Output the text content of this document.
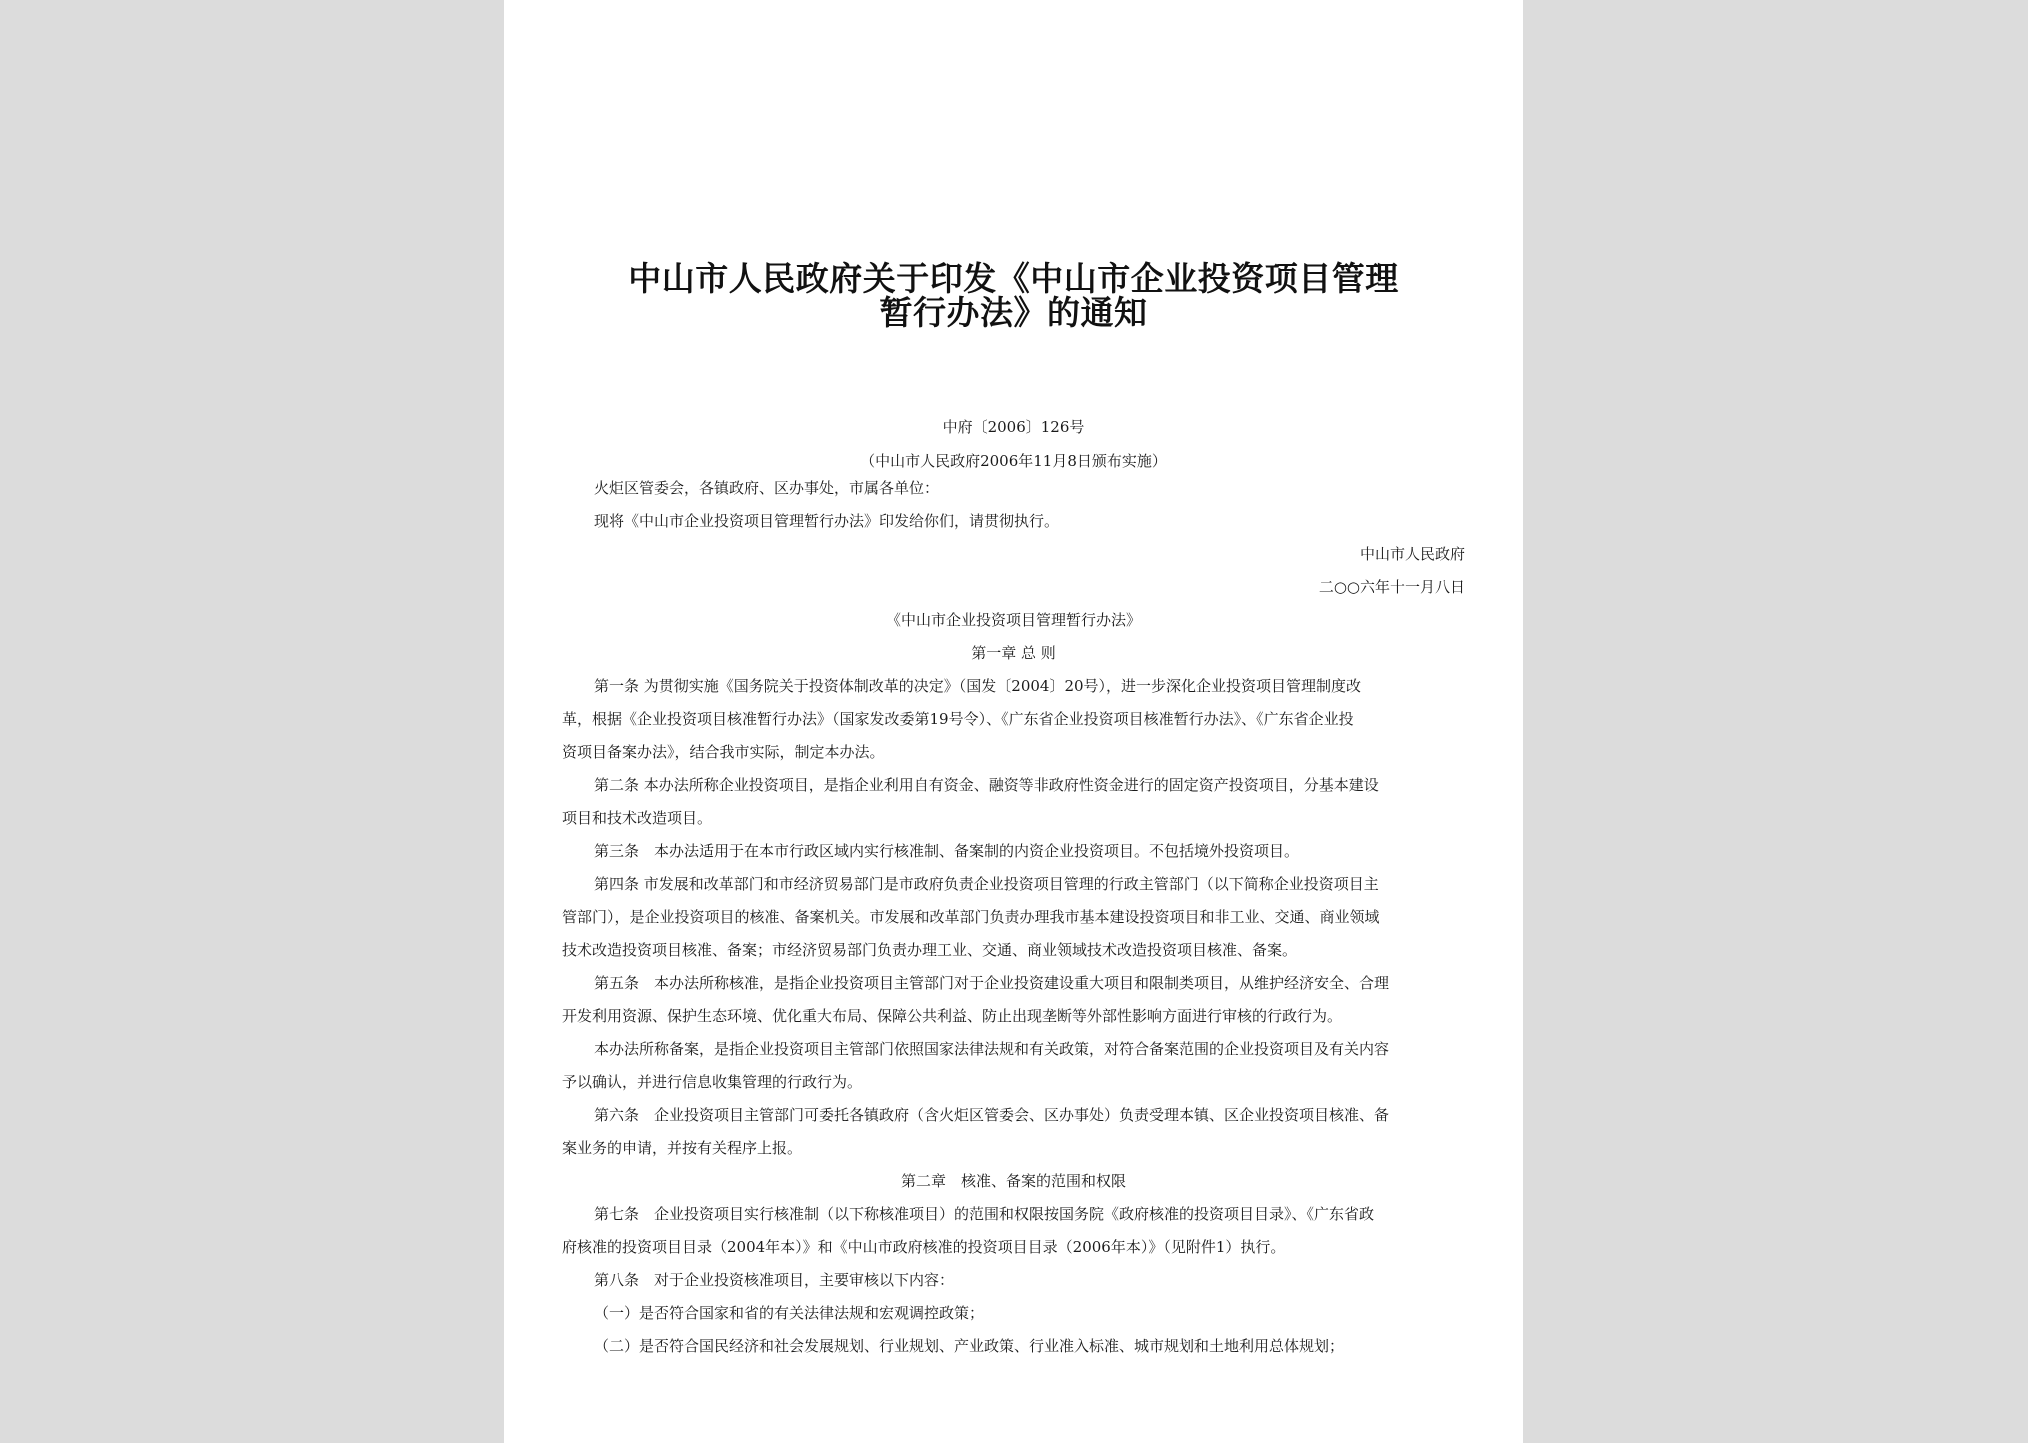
中山市人民政府关于印发《中山市企业投资项目管理
暂行办法》的通知
中府〔2006〕126号
（中山市人民政府2006年11月8日颁布实施）
火炬区管委会，各镇政府、区办事处，市属各单位：
现将《中山市企业投资项目管理暂行办法》印发给你们，请贯彻执行。
中山市人民政府
二○○六年十一月八日
《中山市企业投资项目管理暂行办法》
第一章 总 则
第一条 为贯彻实施《国务院关于投资体制改革的决定》（国发〔2004〕20号），进一步深化企业投资项目管理制度改
革，根据《企业投资项目核准暂行办法》（国家发改委第19号令）、《广东省企业投资项目核准暂行办法》、《广东省企业投
资项目备案办法》，结合我市实际，制定本办法。
第二条 本办法所称企业投资项目，是指企业利用自有资金、融资等非政府性资金进行的固定资产投资项目，分基本建设
项目和技术改造项目。
第三条　本办法适用于在本市行政区域内实行核准制、备案制的内资企业投资项目。不包括境外投资项目。
第四条 市发展和改革部门和市经济贸易部门是市政府负责企业投资项目管理的行政主管部门（以下简称企业投资项目主
管部门），是企业投资项目的核准、备案机关。市发展和改革部门负责办理我市基本建设投资项目和非工业、交通、商业领域
技术改造投资项目核准、备案；市经济贸易部门负责办理工业、交通、商业领域技术改造投资项目核准、备案。
第五条　本办法所称核准，是指企业投资项目主管部门对于企业投资建设重大项目和限制类项目，从维护经济安全、合理
开发利用资源、保护生态环境、优化重大布局、保障公共利益、防止出现垄断等外部性影响方面进行审核的行政行为。
本办法所称备案，是指企业投资项目主管部门依照国家法律法规和有关政策，对符合备案范围的企业投资项目及有关内容
予以确认，并进行信息收集管理的行政行为。
第六条　企业投资项目主管部门可委托各镇政府（含火炬区管委会、区办事处）负责受理本镇、区企业投资项目核准、备
案业务的申请，并按有关程序上报。
第二章　核准、备案的范围和权限
第七条　企业投资项目实行核准制（以下称核准项目）的范围和权限按国务院《政府核准的投资项目目录》、《广东省政
府核准的投资项目目录（2004年本）》和《中山市政府核准的投资项目目录（2006年本）》（见附件1）执行。
第八条　对于企业投资核准项目，主要审核以下内容：
（一）是否符合国家和省的有关法律法规和宏观调控政策；
（二）是否符合国民经济和社会发展规划、行业规划、产业政策、行业准入标准、城市规划和土地利用总体规划；
